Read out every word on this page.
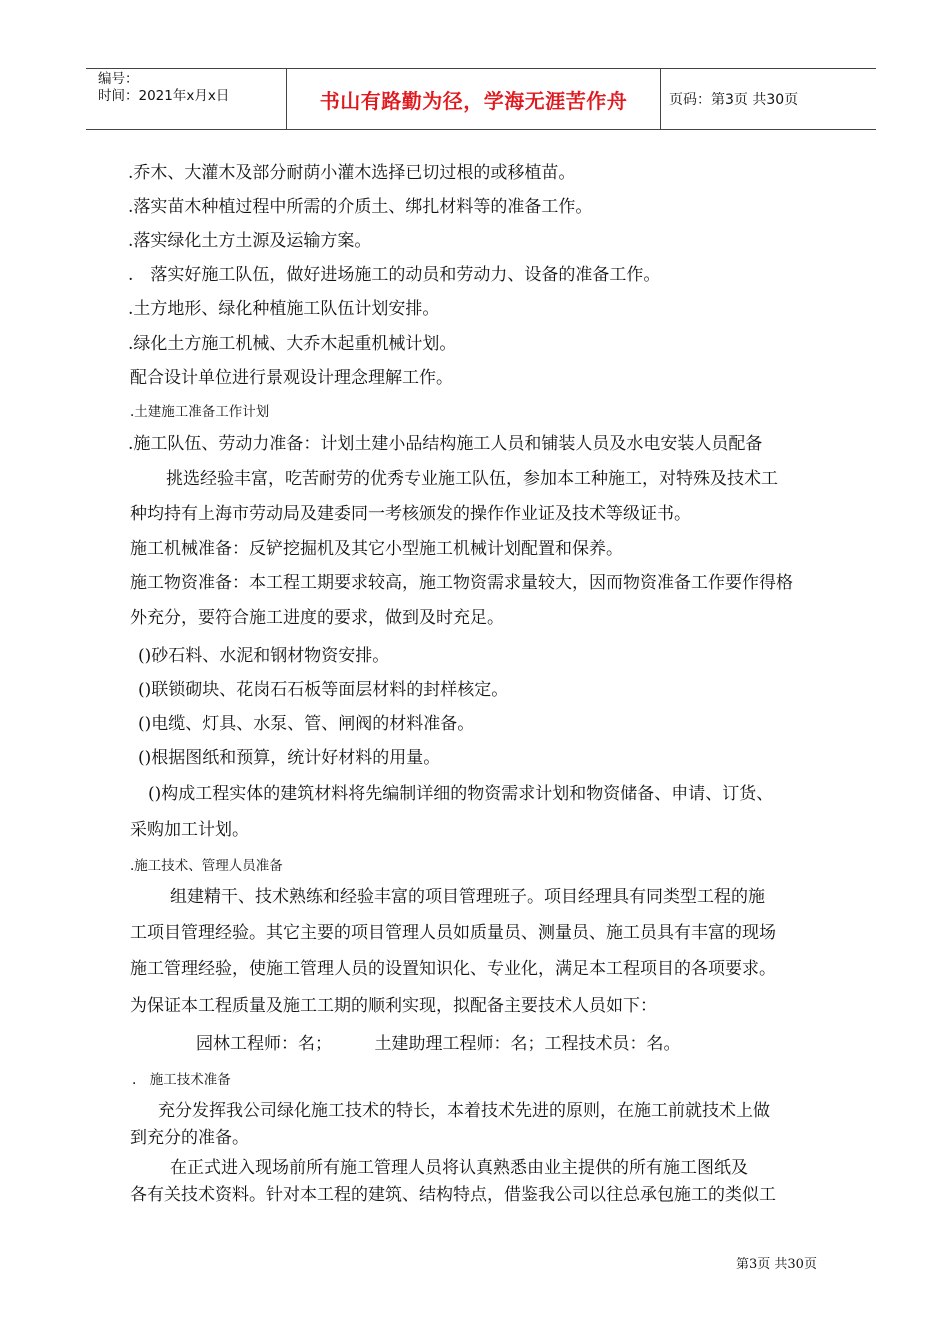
编号：
时间：2021年x月x日	书山有路勤为径，学海无涯苦作舟	页码：第3页 共30页
.乔木、大灌木及部分耐荫小灌木选择已切过根的或移植苗。
.落实苗木种植过程中所需的介质土、绑扎材料等的准备工作。
.落实绿化土方土源及运输方案。
.　落实好施工队伍，做好进场施工的动员和劳动力、设备的准备工作。
.土方地形、绿化种植施工队伍计划安排。
.绿化土方施工机械、大乔木起重机械计划。
配合设计单位进行景观设计理念理解工作。
.土建施工准备工作计划
.施工队伍、劳动力准备：计划土建小品结构施工人员和铺装人员及水电安装人员配备
挑选经验丰富，吃苦耐劳的优秀专业施工队伍，参加本工种施工，对特殊及技术工
种均持有上海市劳动局及建委同一考核颁发的操作作业证及技术等级证书。
施工机械准备：反铲挖掘机及其它小型施工机械计划配置和保养。
施工物资准备：本工程工期要求较高，施工物资需求量较大，因而物资准备工作要作得格
外充分，要符合施工进度的要求，做到及时充足。
()砂石料、水泥和钢材物资安排。
()联锁砌块、花岗石石板等面层材料的封样核定。
()电缆、灯具、水泵、管、闸阀的材料准备。
()根据图纸和预算，统计好材料的用量。
()构成工程实体的建筑材料将先编制详细的物资需求计划和物资储备、申请、订货、
采购加工计划。
.施工技术、管理人员准备
组建精干、技术熟练和经验丰富的项目管理班子。项目经理具有同类型工程的施
工项目管理经验。其它主要的项目管理人员如质量员、测量员、施工员具有丰富的现场
施工管理经验，使施工管理人员的设置知识化、专业化，满足本工程项目的各项要求。
为保证本工程质量及施工工期的顺利实现，拟配备主要技术人员如下：
园林工程师：名；　　　土建助理工程师：名；工程技术员：名。
.　施工技术准备
充分发挥我公司绿化施工技术的特长，本着技术先进的原则，在施工前就技术上做
到充分的准备。
在正式进入现场前所有施工管理人员将认真熟悉由业主提供的所有施工图纸及
各有关技术资料。针对本工程的建筑、结构特点，借鉴我公司以往总承包施工的类似工
第3页 共30页
